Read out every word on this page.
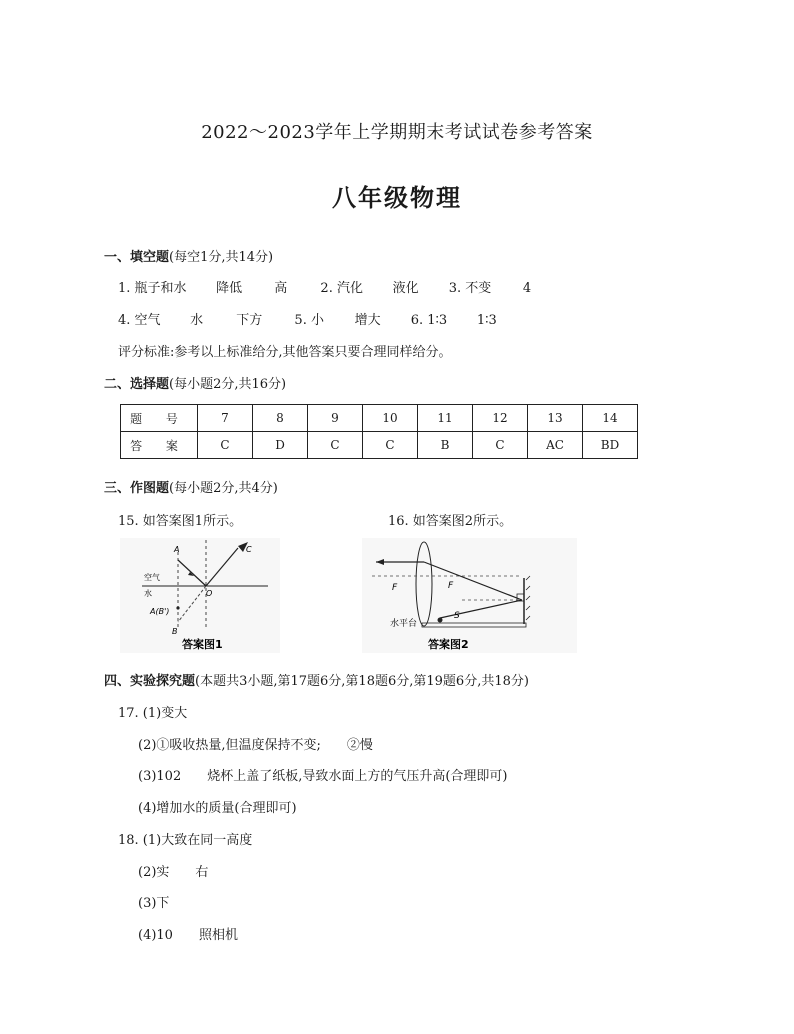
2022～2023学年上学期期末考试试卷参考答案
八年级物理
一、填空题(每空1分,共14分)
1. 瓶子和水 降低 高	2. 汽化 液化 3. 不变 4
4. 空气 水	下方 5. 小 增大 6. 1∶3 1∶3
评分标准:参考以上标准给分,其他答案只要合理同样给分。
二、选择题(每小题2分,共16分)
题 号	7	8	9	10	11	12	13	14
答 案	C	D	C	C	B	C	AC	BD
三、作图题(每小题2分,共4分)
15. 如答案图1所示。	16. 如答案图2所示。
A	C
O
空气
水
A(B')
B
答案图1
F	F
S
水平台
答案图2
四、实验探究题(本题共3小题,第17题6分,第18题6分,第19题6分,共18分)
17. (1)变大
(2)①吸收热量,但温度保持不变;　　②慢
(3)102　　烧杯上盖了纸板,导致水面上方的气压升高(合理即可)
(4)增加水的质量(合理即可)
18. (1)大致在同一高度
(2)实　　右
(3)下
(4)10　　照相机
